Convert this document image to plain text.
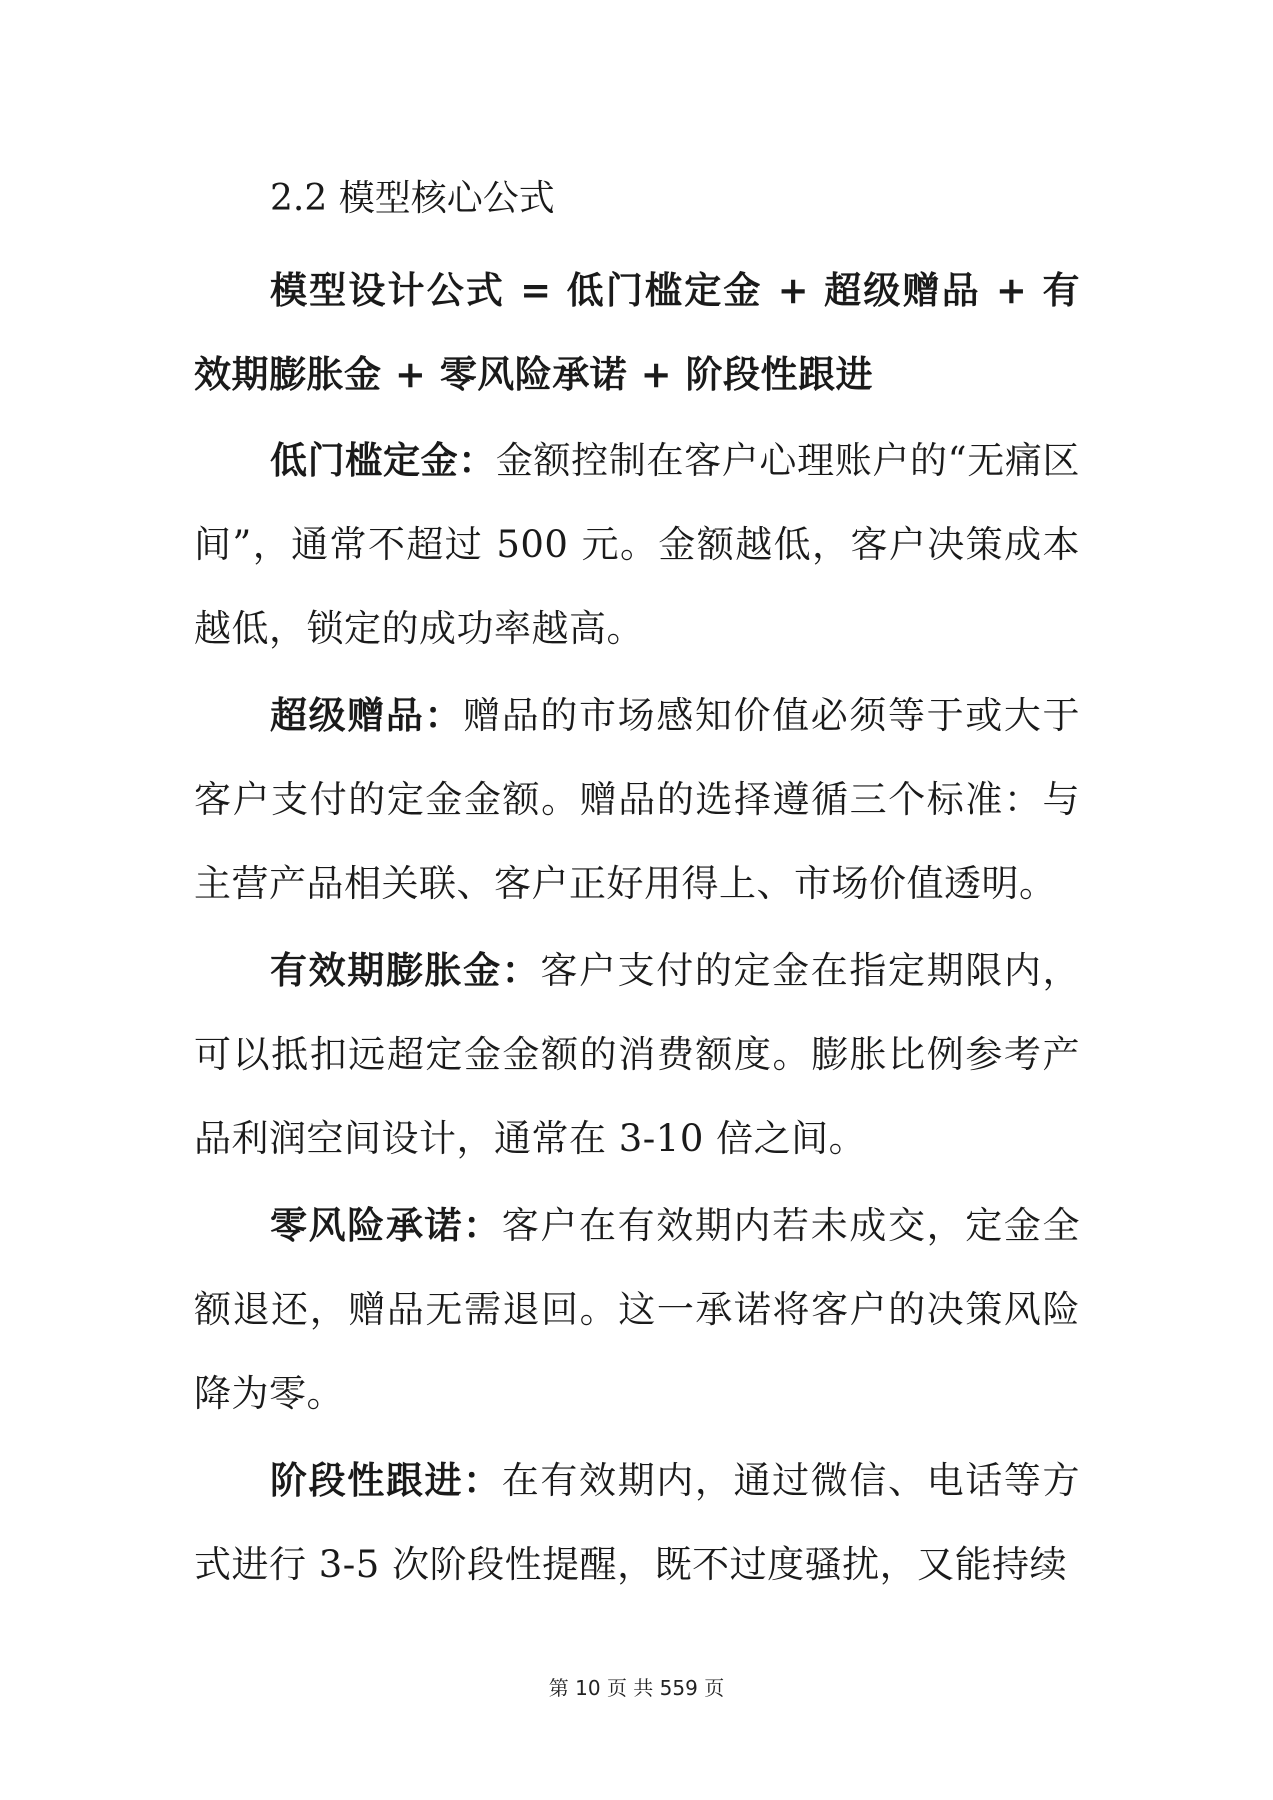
2.2 模型核心公式

模型设计公式 = 低门槛定金 + 超级赠品 + 有效期膨胀金 + 零风险承诺 + 阶段性跟进

低门槛定金：金额控制在客户心理账户的“无痛区间”，通常不超过 500 元。金额越低，客户决策成本越低，锁定的成功率越高。

超级赠品：赠品的市场感知价值必须等于或大于客户支付的定金金额。赠品的选择遵循三个标准：与主营产品相关联、客户正好用得上、市场价值透明。

有效期膨胀金：客户支付的定金在指定期限内，可以抵扣远超定金金额的消费额度。膨胀比例参考产品利润空间设计，通常在 3-10 倍之间。

零风险承诺：客户在有效期内若未成交，定金全额退还，赠品无需退回。这一承诺将客户的决策风险降为零。

阶段性跟进：在有效期内，通过微信、电话等方式进行 3-5 次阶段性提醒，既不过度骚扰，又能持续

第 10 页 共 559 页
